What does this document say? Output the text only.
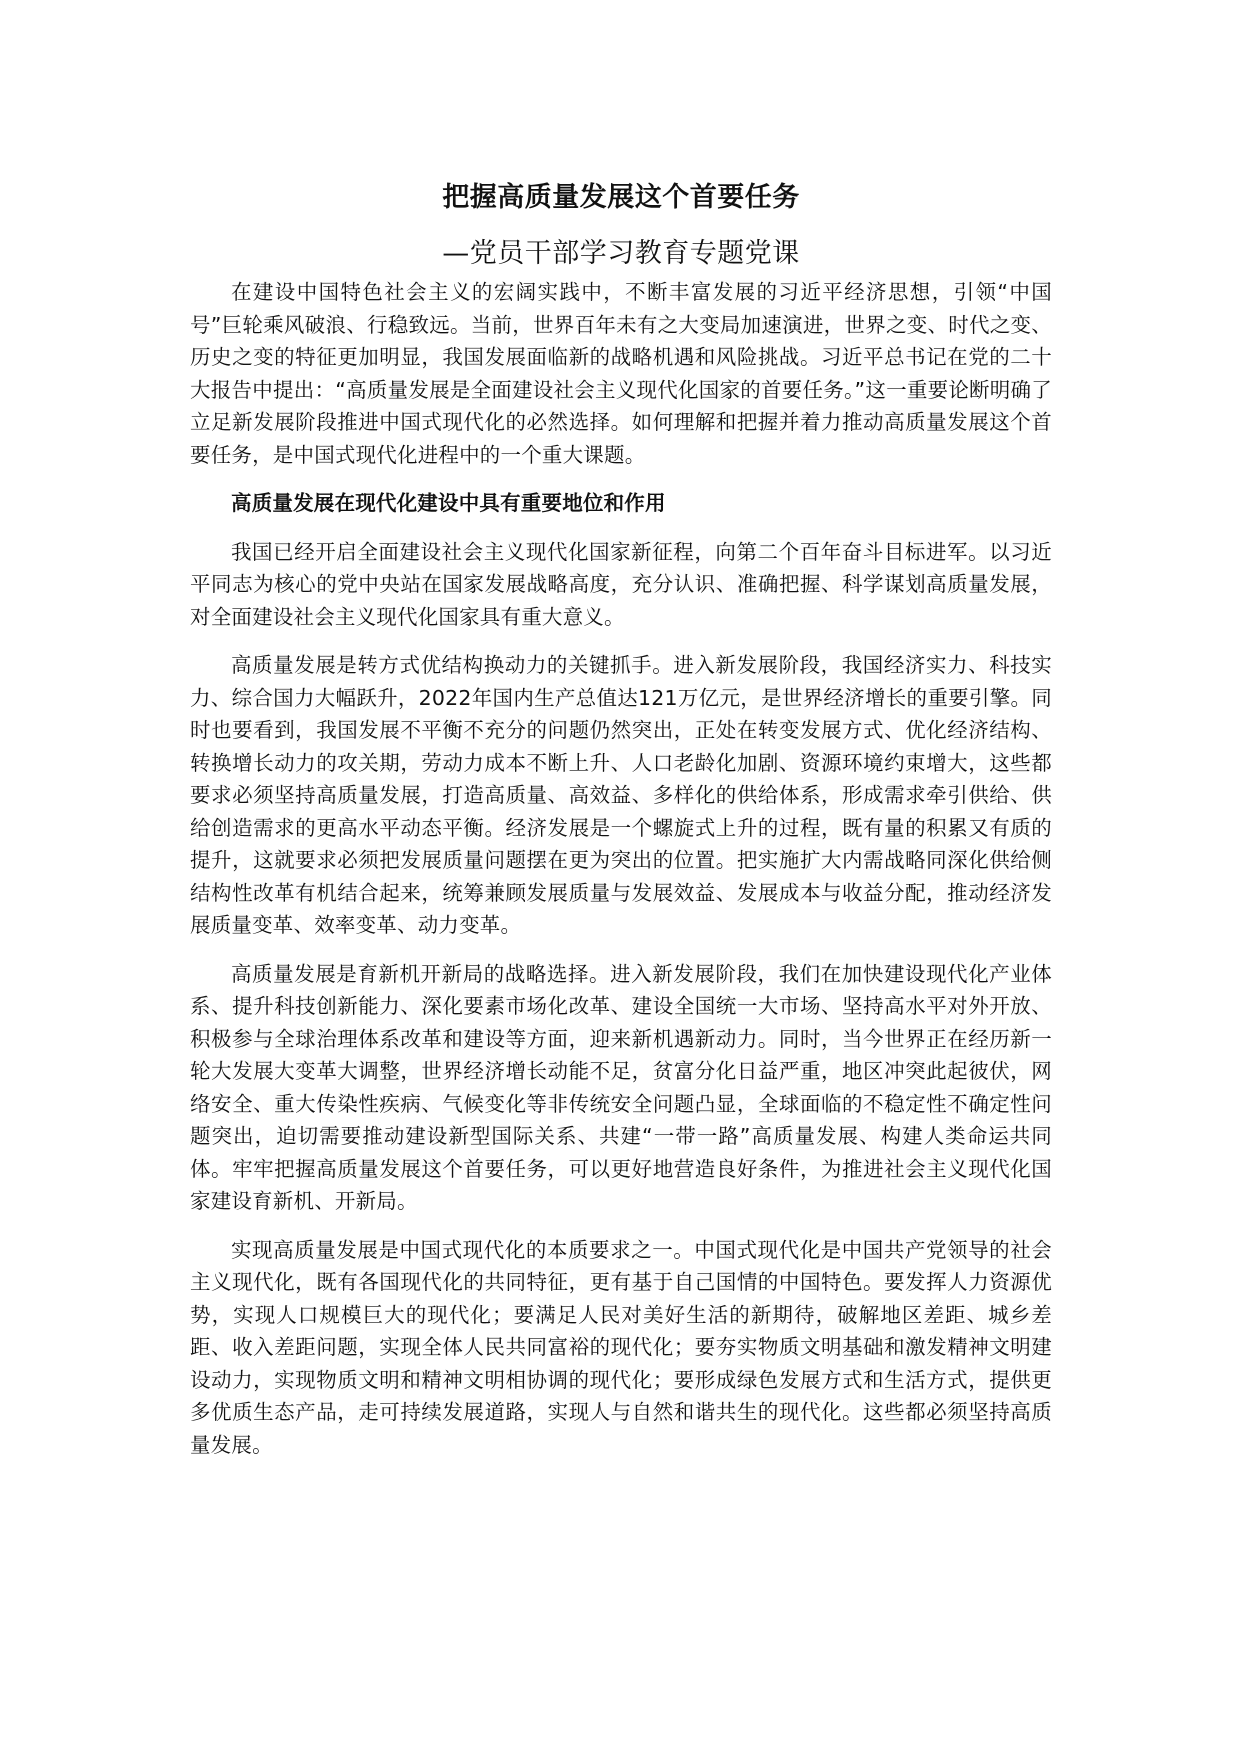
把握高质量发展这个首要任务
—党员干部学习教育专题党课

在建设中国特色社会主义的宏阔实践中，不断丰富发展的习近平经济思想，引领“中国号”巨轮乘风破浪、行稳致远。当前，世界百年未有之大变局加速演进，世界之变、时代之变、历史之变的特征更加明显，我国发展面临新的战略机遇和风险挑战。习近平总书记在党的二十大报告中提出：“高质量发展是全面建设社会主义现代化国家的首要任务。”这一重要论断明确了立足新发展阶段推进中国式现代化的必然选择。如何理解和把握并着力推动高质量发展这个首要任务，是中国式现代化进程中的一个重大课题。

高质量发展在现代化建设中具有重要地位和作用

我国已经开启全面建设社会主义现代化国家新征程，向第二个百年奋斗目标进军。以习近平同志为核心的党中央站在国家发展战略高度，充分认识、准确把握、科学谋划高质量发展，对全面建设社会主义现代化国家具有重大意义。

高质量发展是转方式优结构换动力的关键抓手。进入新发展阶段，我国经济实力、科技实力、综合国力大幅跃升，2022年国内生产总值达121万亿元，是世界经济增长的重要引擎。同时也要看到，我国发展不平衡不充分的问题仍然突出，正处在转变发展方式、优化经济结构、转换增长动力的攻关期，劳动力成本不断上升、人口老龄化加剧、资源环境约束增大，这些都要求必须坚持高质量发展，打造高质量、高效益、多样化的供给体系，形成需求牵引供给、供给创造需求的更高水平动态平衡。经济发展是一个螺旋式上升的过程，既有量的积累又有质的提升，这就要求必须把发展质量问题摆在更为突出的位置。把实施扩大内需战略同深化供给侧结构性改革有机结合起来，统筹兼顾发展质量与发展效益、发展成本与收益分配，推动经济发展质量变革、效率变革、动力变革。

高质量发展是育新机开新局的战略选择。进入新发展阶段，我们在加快建设现代化产业体系、提升科技创新能力、深化要素市场化改革、建设全国统一大市场、坚持高水平对外开放、积极参与全球治理体系改革和建设等方面，迎来新机遇新动力。同时，当今世界正在经历新一轮大发展大变革大调整，世界经济增长动能不足，贫富分化日益严重，地区冲突此起彼伏，网络安全、重大传染性疾病、气候变化等非传统安全问题凸显，全球面临的不稳定性不确定性问题突出，迫切需要推动建设新型国际关系、共建“一带一路”高质量发展、构建人类命运共同体。牢牢把握高质量发展这个首要任务，可以更好地营造良好条件，为推进社会主义现代化国家建设育新机、开新局。

实现高质量发展是中国式现代化的本质要求之一。中国式现代化是中国共产党领导的社会主义现代化，既有各国现代化的共同特征，更有基于自己国情的中国特色。要发挥人力资源优势，实现人口规模巨大的现代化；要满足人民对美好生活的新期待，破解地区差距、城乡差距、收入差距问题，实现全体人民共同富裕的现代化；要夯实物质文明基础和激发精神文明建设动力，实现物质文明和精神文明相协调的现代化；要形成绿色发展方式和生活方式，提供更多优质生态产品，走可持续发展道路，实现人与自然和谐共生的现代化。这些都必须坚持高质量发展。
